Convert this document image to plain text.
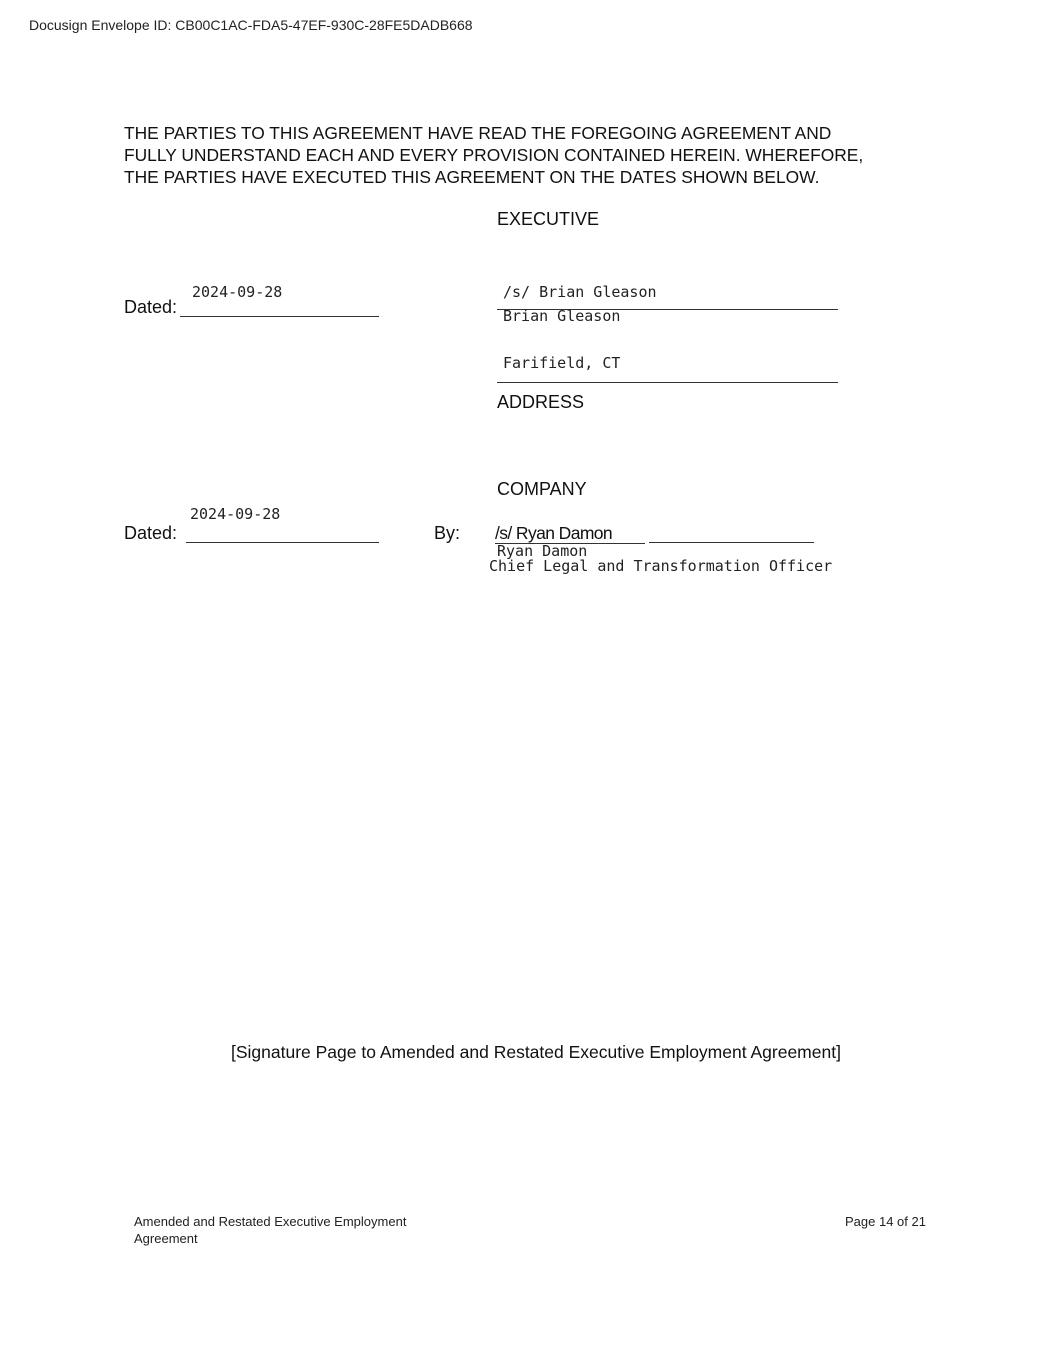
Docusign Envelope ID: CB00C1AC-FDA5-47EF-930C-28FE5DADB668
THE PARTIES TO THIS AGREEMENT HAVE READ THE FOREGOING AGREEMENT AND
FULLY UNDERSTAND EACH AND EVERY PROVISION CONTAINED HEREIN. WHEREFORE,
THE PARTIES HAVE EXECUTED THIS AGREEMENT ON THE DATES SHOWN BELOW.
EXECUTIVE
Dated:
2024-09-28	/s/ Brian Gleason
Brian Gleason
Farifield, CT
ADDRESS
COMPANY
Dated:
2024-09-28
By: /s/ Ryan Damon
Ryan Damon
Chief Legal and Transformation Officer
[Signature Page to Amended and Restated Executive Employment Agreement]
Amended and Restated Executive Employment
Agreement
Page 14 of 21
